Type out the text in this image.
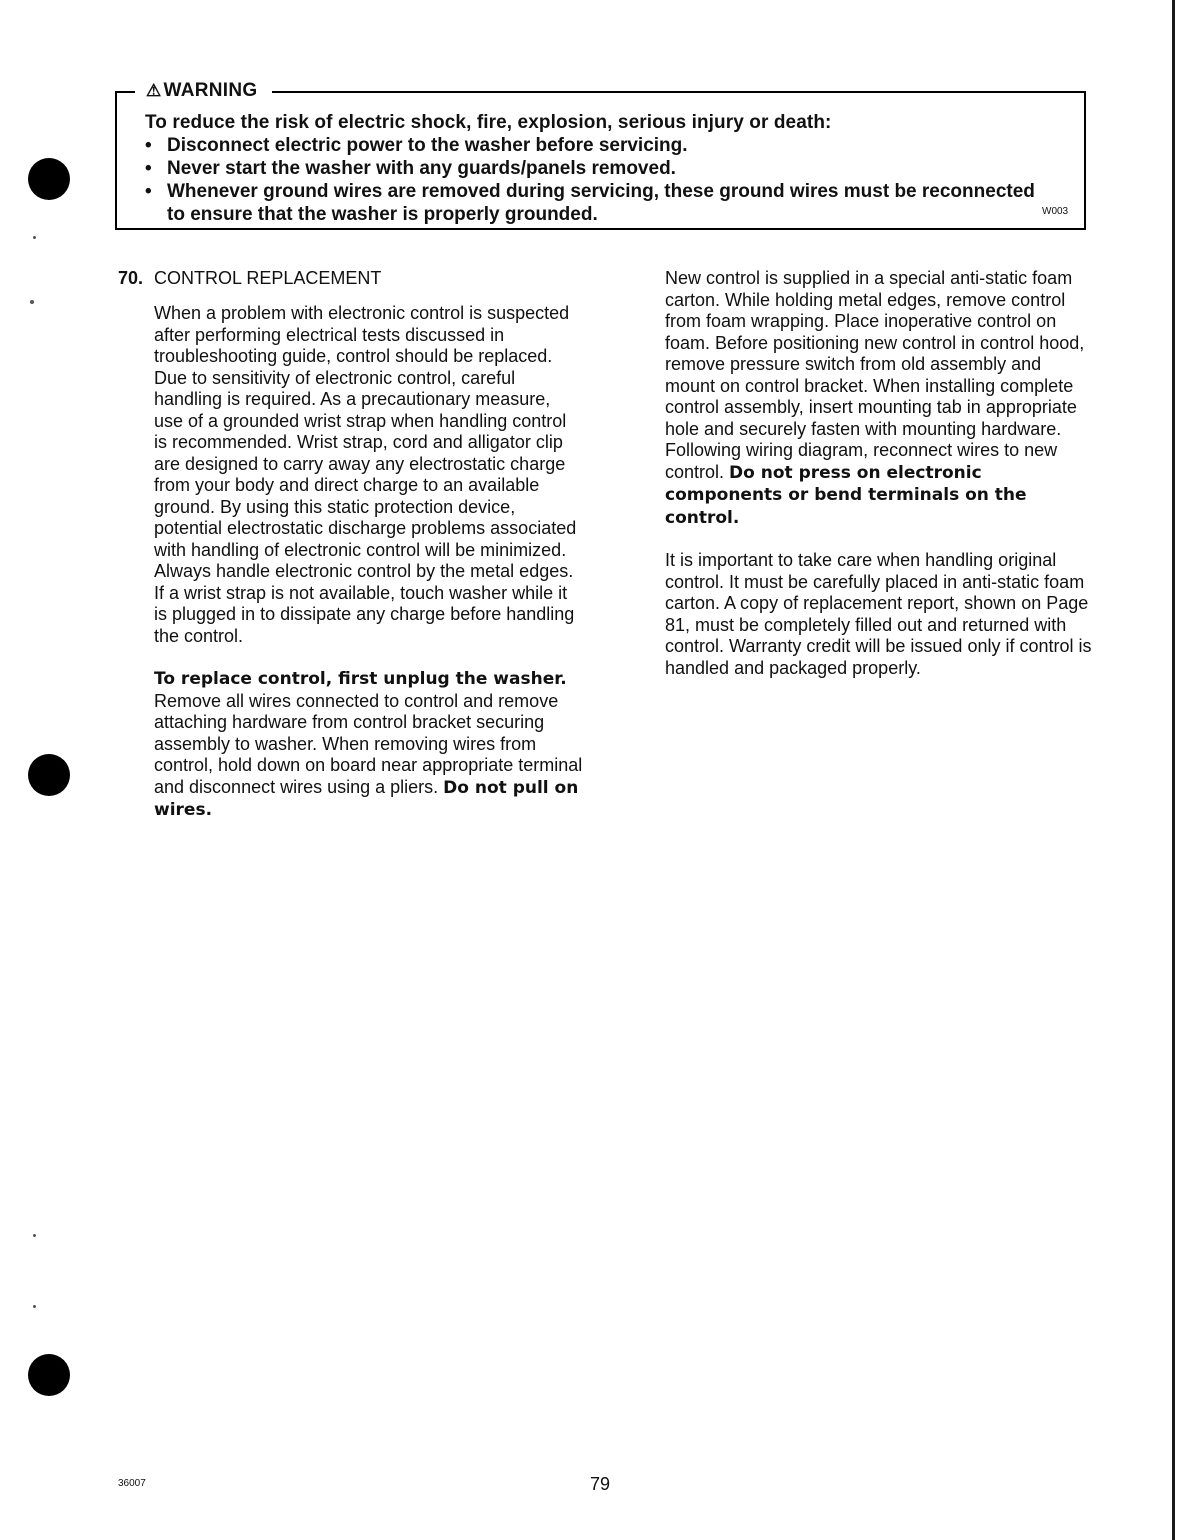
⚠ WARNING
To reduce the risk of electric shock, fire, explosion, serious injury or death:
• Disconnect electric power to the washer before servicing.
• Never start the washer with any guards/panels removed.
• Whenever ground wires are removed during servicing, these ground wires must be reconnected to ensure that the washer is properly grounded.	W003
70. CONTROL REPLACEMENT

When a problem with electronic control is suspected after performing electrical tests discussed in troubleshooting guide, control should be replaced. Due to sensitivity of electronic control, careful handling is required. As a precautionary measure, use of a grounded wrist strap when handling control is recommended. Wrist strap, cord and alligator clip are designed to carry away any electrostatic charge from your body and direct charge to an available ground. By using this static protection device, potential electrostatic discharge problems associated with handling of electronic control will be minimized. Always handle electronic control by the metal edges. If a wrist strap is not available, touch washer while it is plugged in to dissipate any charge before handling the control.

To replace control, first unplug the washer. Remove all wires connected to control and remove attaching hardware from control bracket securing assembly to washer. When removing wires from control, hold down on board near appropriate terminal and disconnect wires using a pliers. Do not pull on wires.

New control is supplied in a special anti-static foam carton. While holding metal edges, remove control from foam wrapping. Place inoperative control on foam. Before positioning new control in control hood, remove pressure switch from old assembly and mount on control bracket. When installing complete control assembly, insert mounting tab in appropriate hole and securely fasten with mounting hardware. Following wiring diagram, reconnect wires to new control. Do not press on electronic components or bend terminals on the control.

It is important to take care when handling original control. It must be carefully placed in anti-static foam carton. A copy of replacement report, shown on Page 81, must be completely filled out and returned with control. Warranty credit will be issued only if control is handled and packaged properly.

36007	79
